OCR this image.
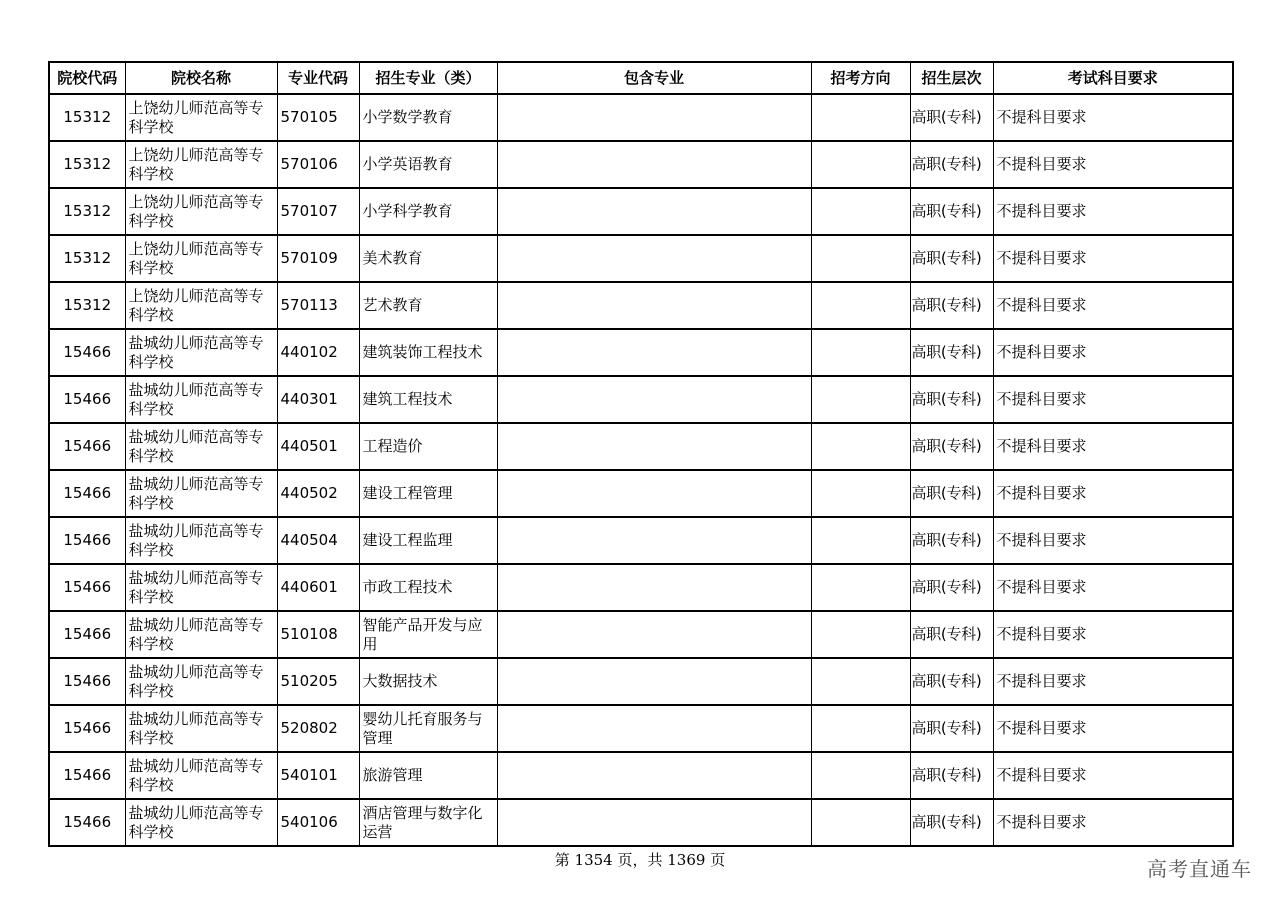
院校代码	院校名称	专业代码	招生专业（类）	包含专业	招考方向	招生层次	考试科目要求
15312	上饶幼儿师范高等专科学校	570105	小学数学教育			高职(专科)	不提科目要求
15312	上饶幼儿师范高等专科学校	570106	小学英语教育			高职(专科)	不提科目要求
15312	上饶幼儿师范高等专科学校	570107	小学科学教育			高职(专科)	不提科目要求
15312	上饶幼儿师范高等专科学校	570109	美术教育			高职(专科)	不提科目要求
15312	上饶幼儿师范高等专科学校	570113	艺术教育			高职(专科)	不提科目要求
15466	盐城幼儿师范高等专科学校	440102	建筑装饰工程技术			高职(专科)	不提科目要求
15466	盐城幼儿师范高等专科学校	440301	建筑工程技术			高职(专科)	不提科目要求
15466	盐城幼儿师范高等专科学校	440501	工程造价			高职(专科)	不提科目要求
15466	盐城幼儿师范高等专科学校	440502	建设工程管理			高职(专科)	不提科目要求
15466	盐城幼儿师范高等专科学校	440504	建设工程监理			高职(专科)	不提科目要求
15466	盐城幼儿师范高等专科学校	440601	市政工程技术			高职(专科)	不提科目要求
15466	盐城幼儿师范高等专科学校	510108	智能产品开发与应用			高职(专科)	不提科目要求
15466	盐城幼儿师范高等专科学校	510205	大数据技术			高职(专科)	不提科目要求
15466	盐城幼儿师范高等专科学校	520802	婴幼儿托育服务与管理			高职(专科)	不提科目要求
15466	盐城幼儿师范高等专科学校	540101	旅游管理			高职(专科)	不提科目要求
15466	盐城幼儿师范高等专科学校	540106	酒店管理与数字化运营			高职(专科)	不提科目要求
第 1354 页，共 1369 页	高考直通车
